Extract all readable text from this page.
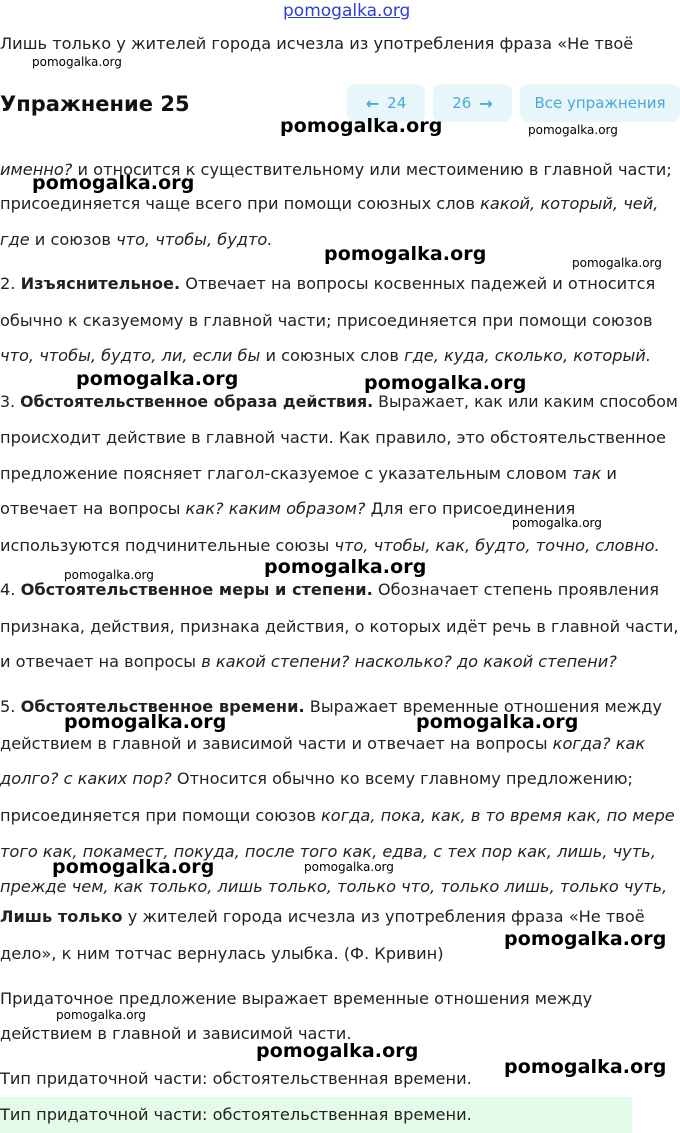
pomogalka.org
Лишь только у жителей города исчезла из употребления фраза «Не твоё
Упражнение 25	← 24	26 →	Все упражнения
именно? и относится к существительному или местоимению в главной части;
присоединяется чаще всего при помощи союзных слов какой, который, чей,
где и союзов что, чтобы, будто.
2. Изъяснительное. Отвечает на вопросы косвенных падежей и относится
обычно к сказуемому в главной части; присоединяется при помощи союзов
что, чтобы, будто, ли, если бы и союзных слов где, куда, сколько, который.
3. Обстоятельственное образа действия. Выражает, как или каким способом
происходит действие в главной части. Как правило, это обстоятельственное
предложение поясняет глагол-сказуемое с указательным словом так и
отвечает на вопросы как? каким образом? Для его присоединения
используются подчинительные союзы что, чтобы, как, будто, точно, словно.
4. Обстоятельственное меры и степени. Обозначает степень проявления
признака, действия, признака действия, о которых идёт речь в главной части,
и отвечает на вопросы в какой степени? насколько? до какой степени?
5. Обстоятельственное времени. Выражает временные отношения между
действием в главной и зависимой части и отвечает на вопросы когда? как
долго? с каких пор? Относится обычно ко всему главному предложению;
присоединяется при помощи союзов когда, пока, как, в то время как, по мере
того как, покамест, покуда, после того как, едва, с тех пор как, лишь, чуть,
прежде чем, как только, лишь только, только что, только лишь, только чуть,
Лишь только у жителей города исчезла из употребления фраза «Не твоё
дело», к ним тотчас вернулась улыбка. (Ф. Кривин)
Придаточное предложение выражает временные отношения между
действием в главной и зависимой части.
Тип придаточной части: обстоятельственная времени.
Тип придаточной части: обстоятельственная времени.
pomogalka.org
pomogalka.org	pomogalka.org
pomogalka.org
pomogalka.org	pomogalka.org
pomogalka.org	pomogalka.org
pomogalka.org
pomogalka.org
pomogalka.org
pomogalka.org	pomogalka.org
pomogalka.org	pomogalka.org
pomogalka.org
pomogalka.org
pomogalka.org
pomogalka.org
